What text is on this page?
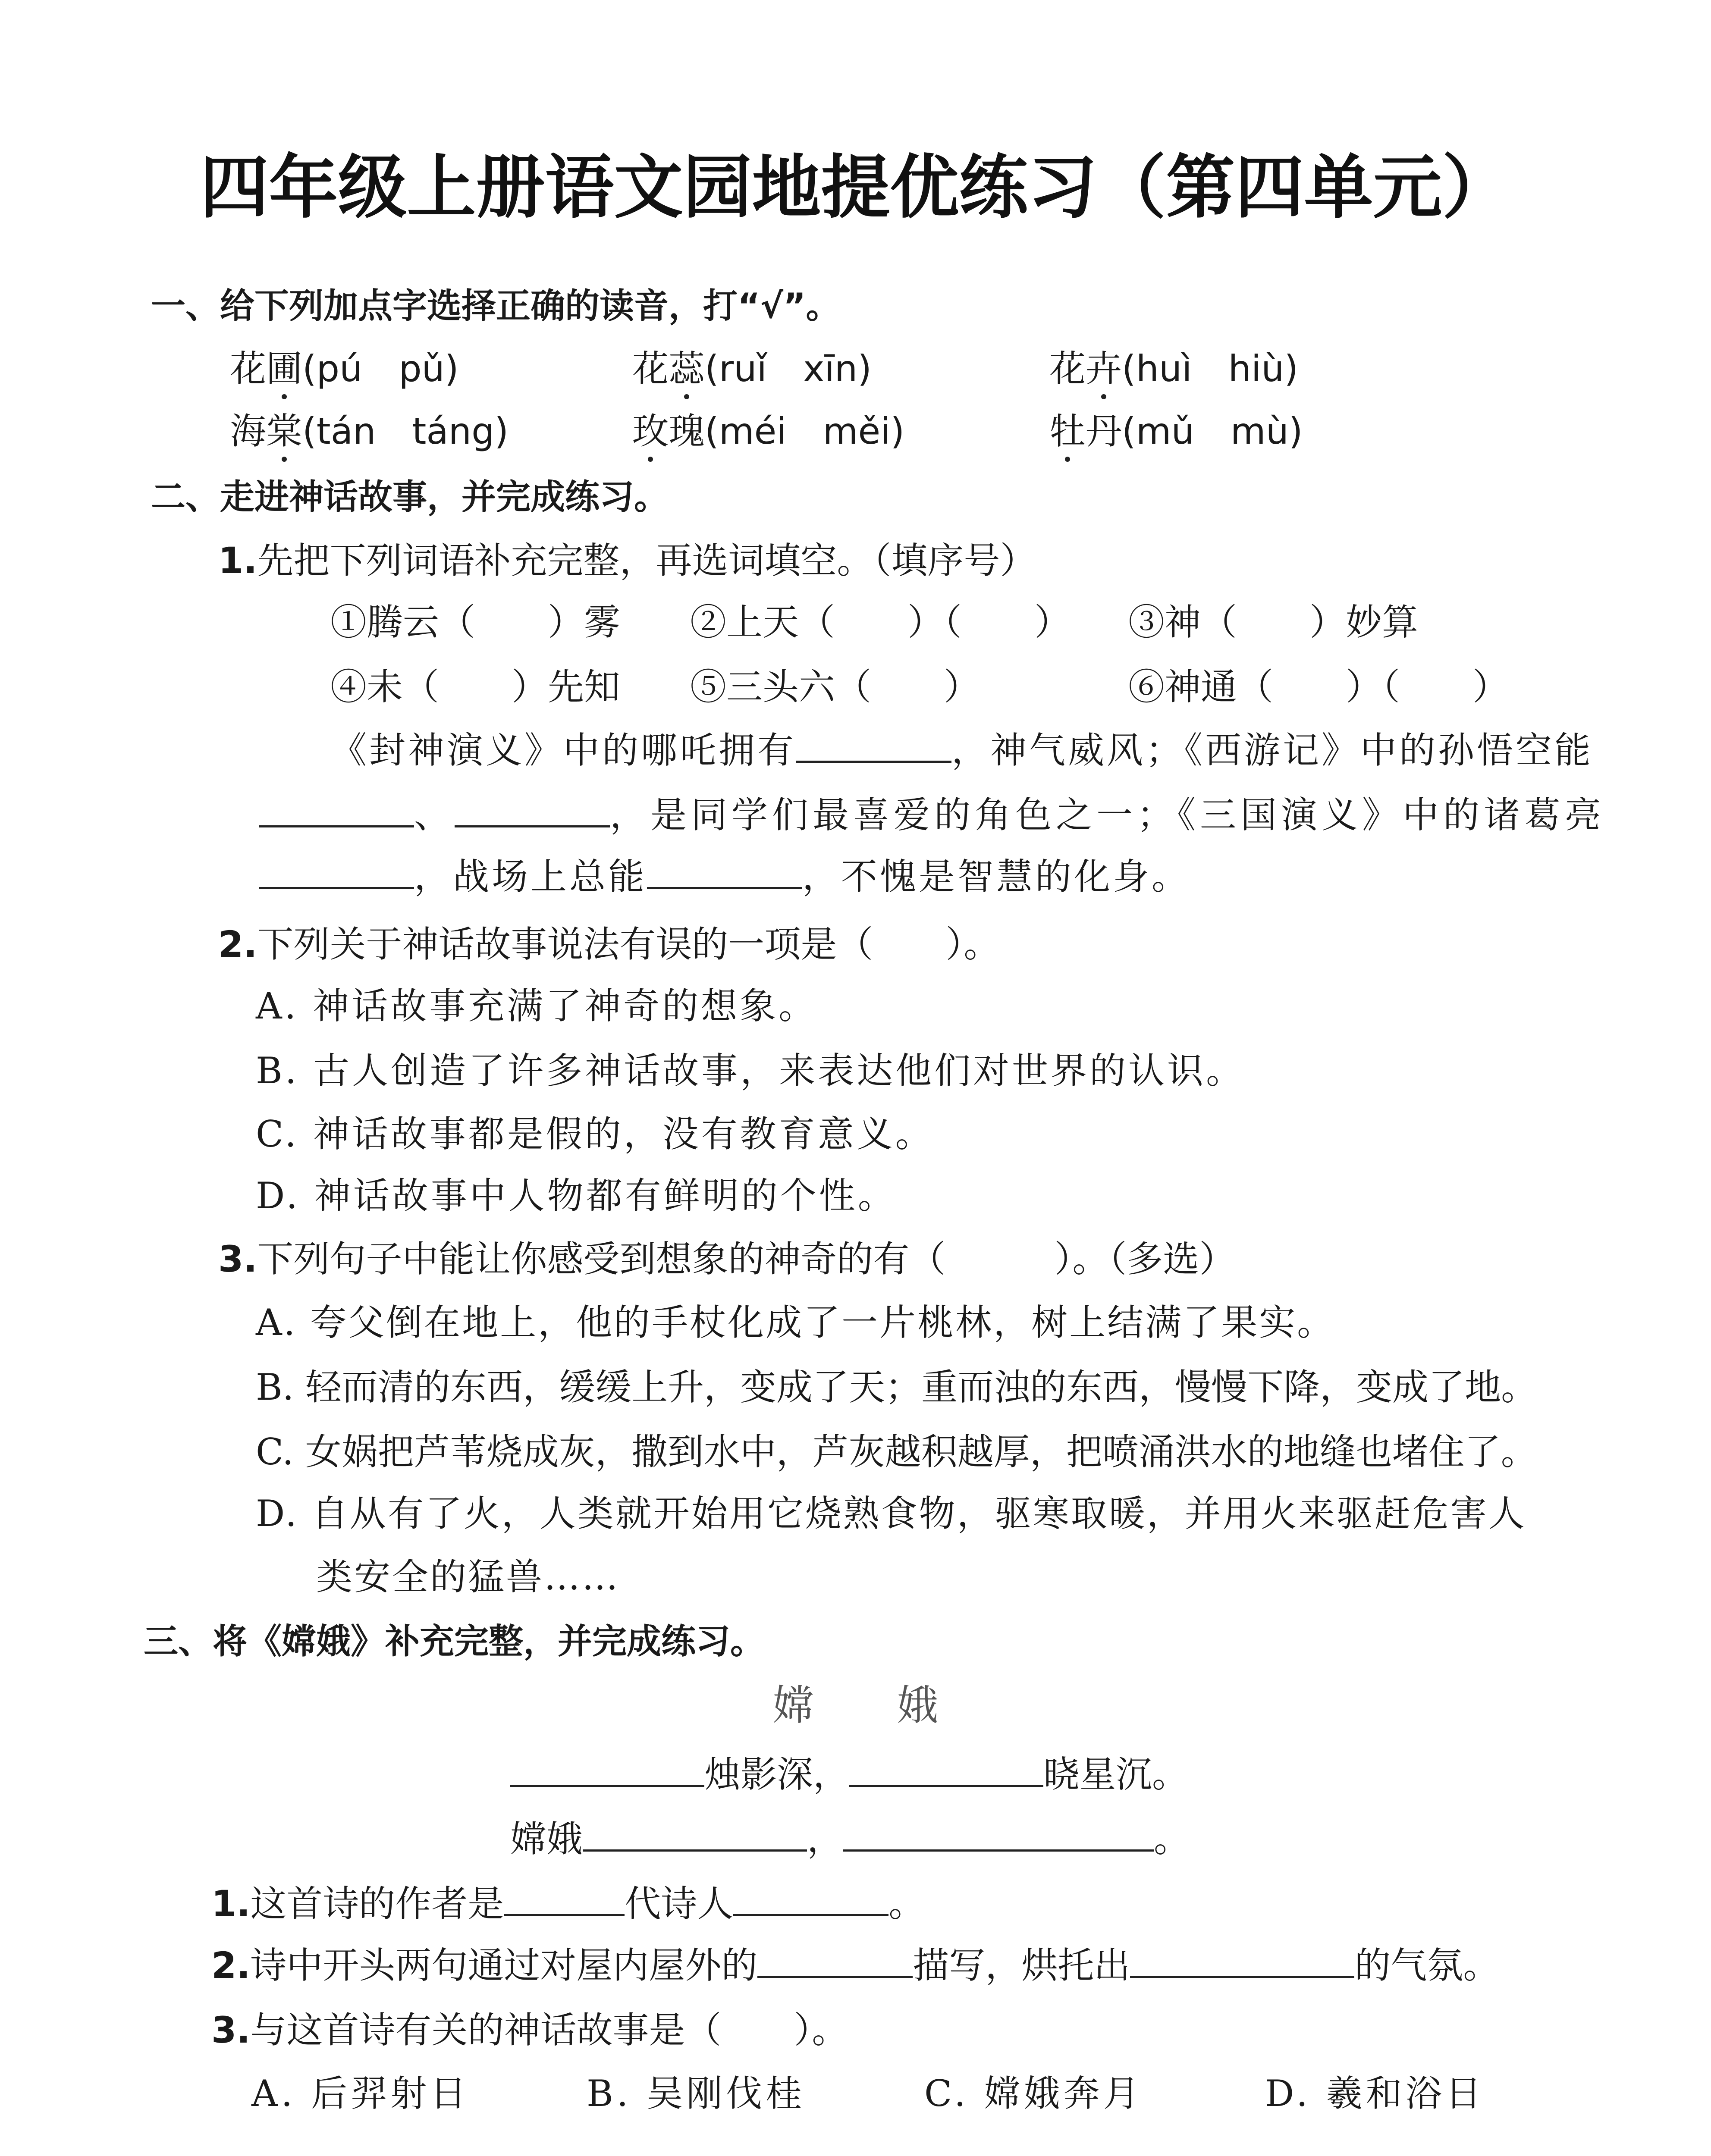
四年级上册语文园地提优练习（第四单元）
一、给下列加点字选择正确的读音，打“√”。
花圃(pú　pǔ)	花蕊(ruǐ　xīn)	花卉(huì　hiù)
海棠(tán　táng)	玫瑰(méi　měi)	牡丹(mǔ　mù)
二、走进神话故事，并完成练习。
1.先把下列词语补充完整，再选词填空。（填序号）
①腾云（　　）雾 ②上天（　　）（　　） ③神（　　）妙算
④未（　　）先知 ⑤三头六（　　）	⑥神通（　　）（　　）
《封神演义》中的哪吒拥有	，神气威风；《西游记》中的孙悟空能
、	，是同学们最喜爱的角色之一；《三国演义》中的诸葛亮
，战场上总能	，不愧是智慧的化身。
2.下列关于神话故事说法有误的一项是（　　）。
A. 神话故事充满了神奇的想象。
B. 古人创造了许多神话故事，来表达他们对世界的认识。
C. 神话故事都是假的，没有教育意义。
D. 神话故事中人物都有鲜明的个性。
3.下列句子中能让你感受到想象的神奇的有（　　　）。（多选）
A. 夸父倒在地上，他的手杖化成了一片桃林，树上结满了果实。
B. 轻而清的东西，缓缓上升，变成了天；重而浊的东西，慢慢下降，变成了地。
C. 女娲把芦苇烧成灰，撒到水中，芦灰越积越厚，把喷涌洪水的地缝也堵住了。
D. 自从有了火，人类就开始用它烧熟食物，驱寒取暖，并用火来驱赶危害人
类安全的猛兽……
三、将《嫦娥》补充完整，并完成练习。
嫦　　娥
烛影深，	晓星沉。
嫦娥	，	。
1.这首诗的作者是	代诗人	。
2.诗中开头两句通过对屋内屋外的	描写，烘托出	的气氛。
3.与这首诗有关的神话故事是（　　）。
A. 后羿射日	B. 吴刚伐桂	C. 嫦娥奔月	D. 羲和浴日
